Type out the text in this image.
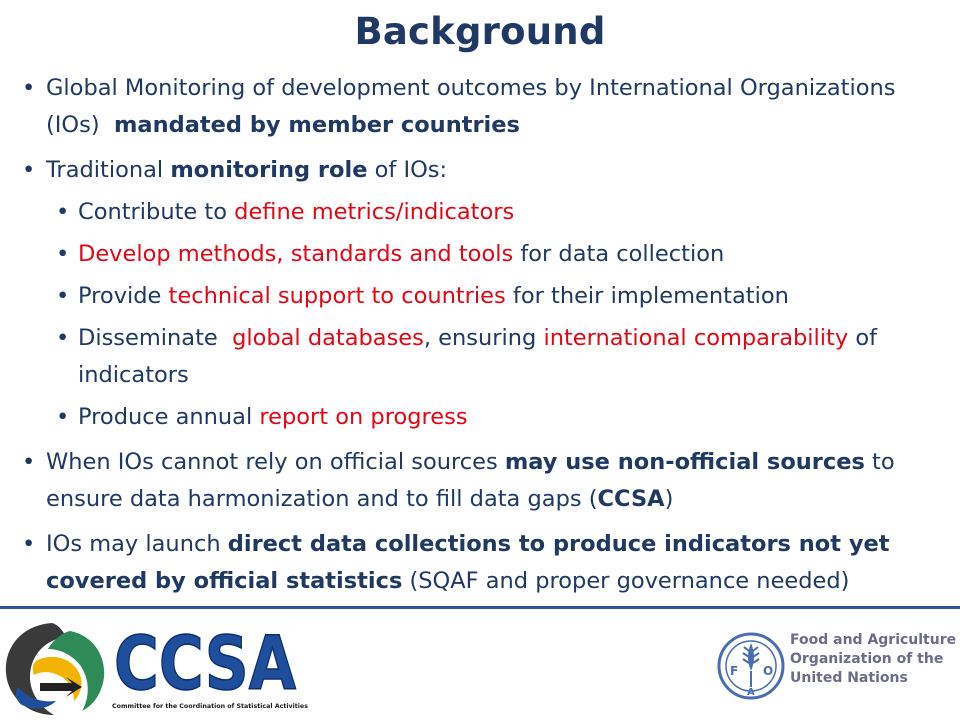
Background
• Global Monitoring of development outcomes by International Organizations (IOs) mandated by member countries
• Traditional monitoring role of IOs:
• Contribute to define metrics/indicators
• Develop methods, standards and tools for data collection
• Provide technical support to countries for their implementation
• Disseminate global databases, ensuring international comparability of indicators
• Produce annual report on progress
• When IOs cannot rely on official sources may use non-official sources to ensure data harmonization and to fill data gaps (CCSA)
• IOs may launch direct data collections to produce indicators not yet covered by official statistics (SQAF and proper governance needed)
CCSA
Committee for the Coordination of Statistical Activities
F
A
O
Food and Agriculture
Organization of the
United Nations
